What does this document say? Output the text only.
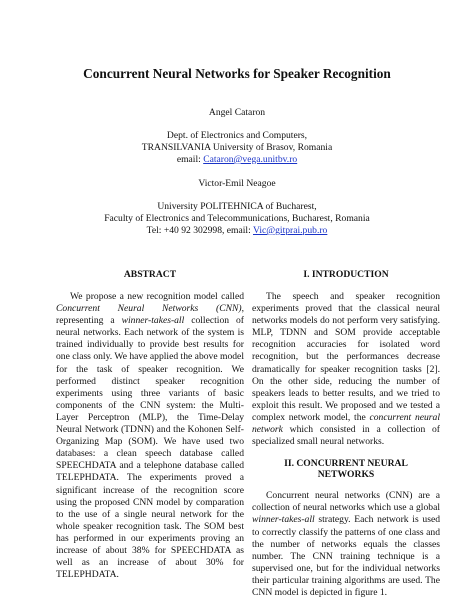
Concurrent Neural Networks for Speaker Recognition
Angel Cataron
Dept. of Electronics and Computers,
TRANSILVANIA University of Brasov, Romania
email: Cataron@vega.unitbv.ro
Victor-Emil Neagoe
University POLITEHNICA of Bucharest,
Faculty of Electronics and Telecommunications, Bucharest, Romania
Tel: +40 92 302998, email: Vic@gitprai.pub.ro
ABSTRACT

We propose a new recognition model called Concurrent Neural Networks (CNN), representing a winner-takes-all collection of neural networks. Each network of the system is trained individually to provide best results for one class only. We have applied the above model for the task of speaker recognition. We performed distinct speaker recognition experiments using three variants of basic components of the CNN system: the Multi-Layer Perceptron (MLP), the Time-Delay Neural Network (TDNN) and the Kohonen Self-Organizing Map (SOM). We have used two databases: a clean speech database called SPEECHDATA and a telephone database called TELEPHDATA. The experiments proved a significant increase of the recognition score using the proposed CNN model by comparation to the use of a single neural network for the whole speaker recognition task. The SOM best has performed in our experiments proving an increase of about 38% for SPEECHDATA as well as an increase of about 30% for TELEPHDATA.

I. INTRODUCTION

The speech and speaker recognition experiments proved that the classical neural networks models do not perform very satisfying. MLP, TDNN and SOM provide acceptable recognition accuracies for isolated word recognition, but the performances decrease dramatically for speaker recognition tasks [2]. On the other side, reducing the number of speakers leads to better results, and we tried to exploit this result. We proposed and we tested a complex network model, the concurrent neural network which consisted in a collection of specialized small neural networks.

II. CONCURRENT NEURAL
NETWORKS

Concurrent neural networks (CNN) are a collection of neural networks which use a global winner-takes-all strategy. Each network is used to correctly classify the patterns of one class and the number of networks equals the classes number. The CNN training technique is a supervised one, but for the individual networks their particular training algorithms are used. The CNN model is depicted in figure 1.
